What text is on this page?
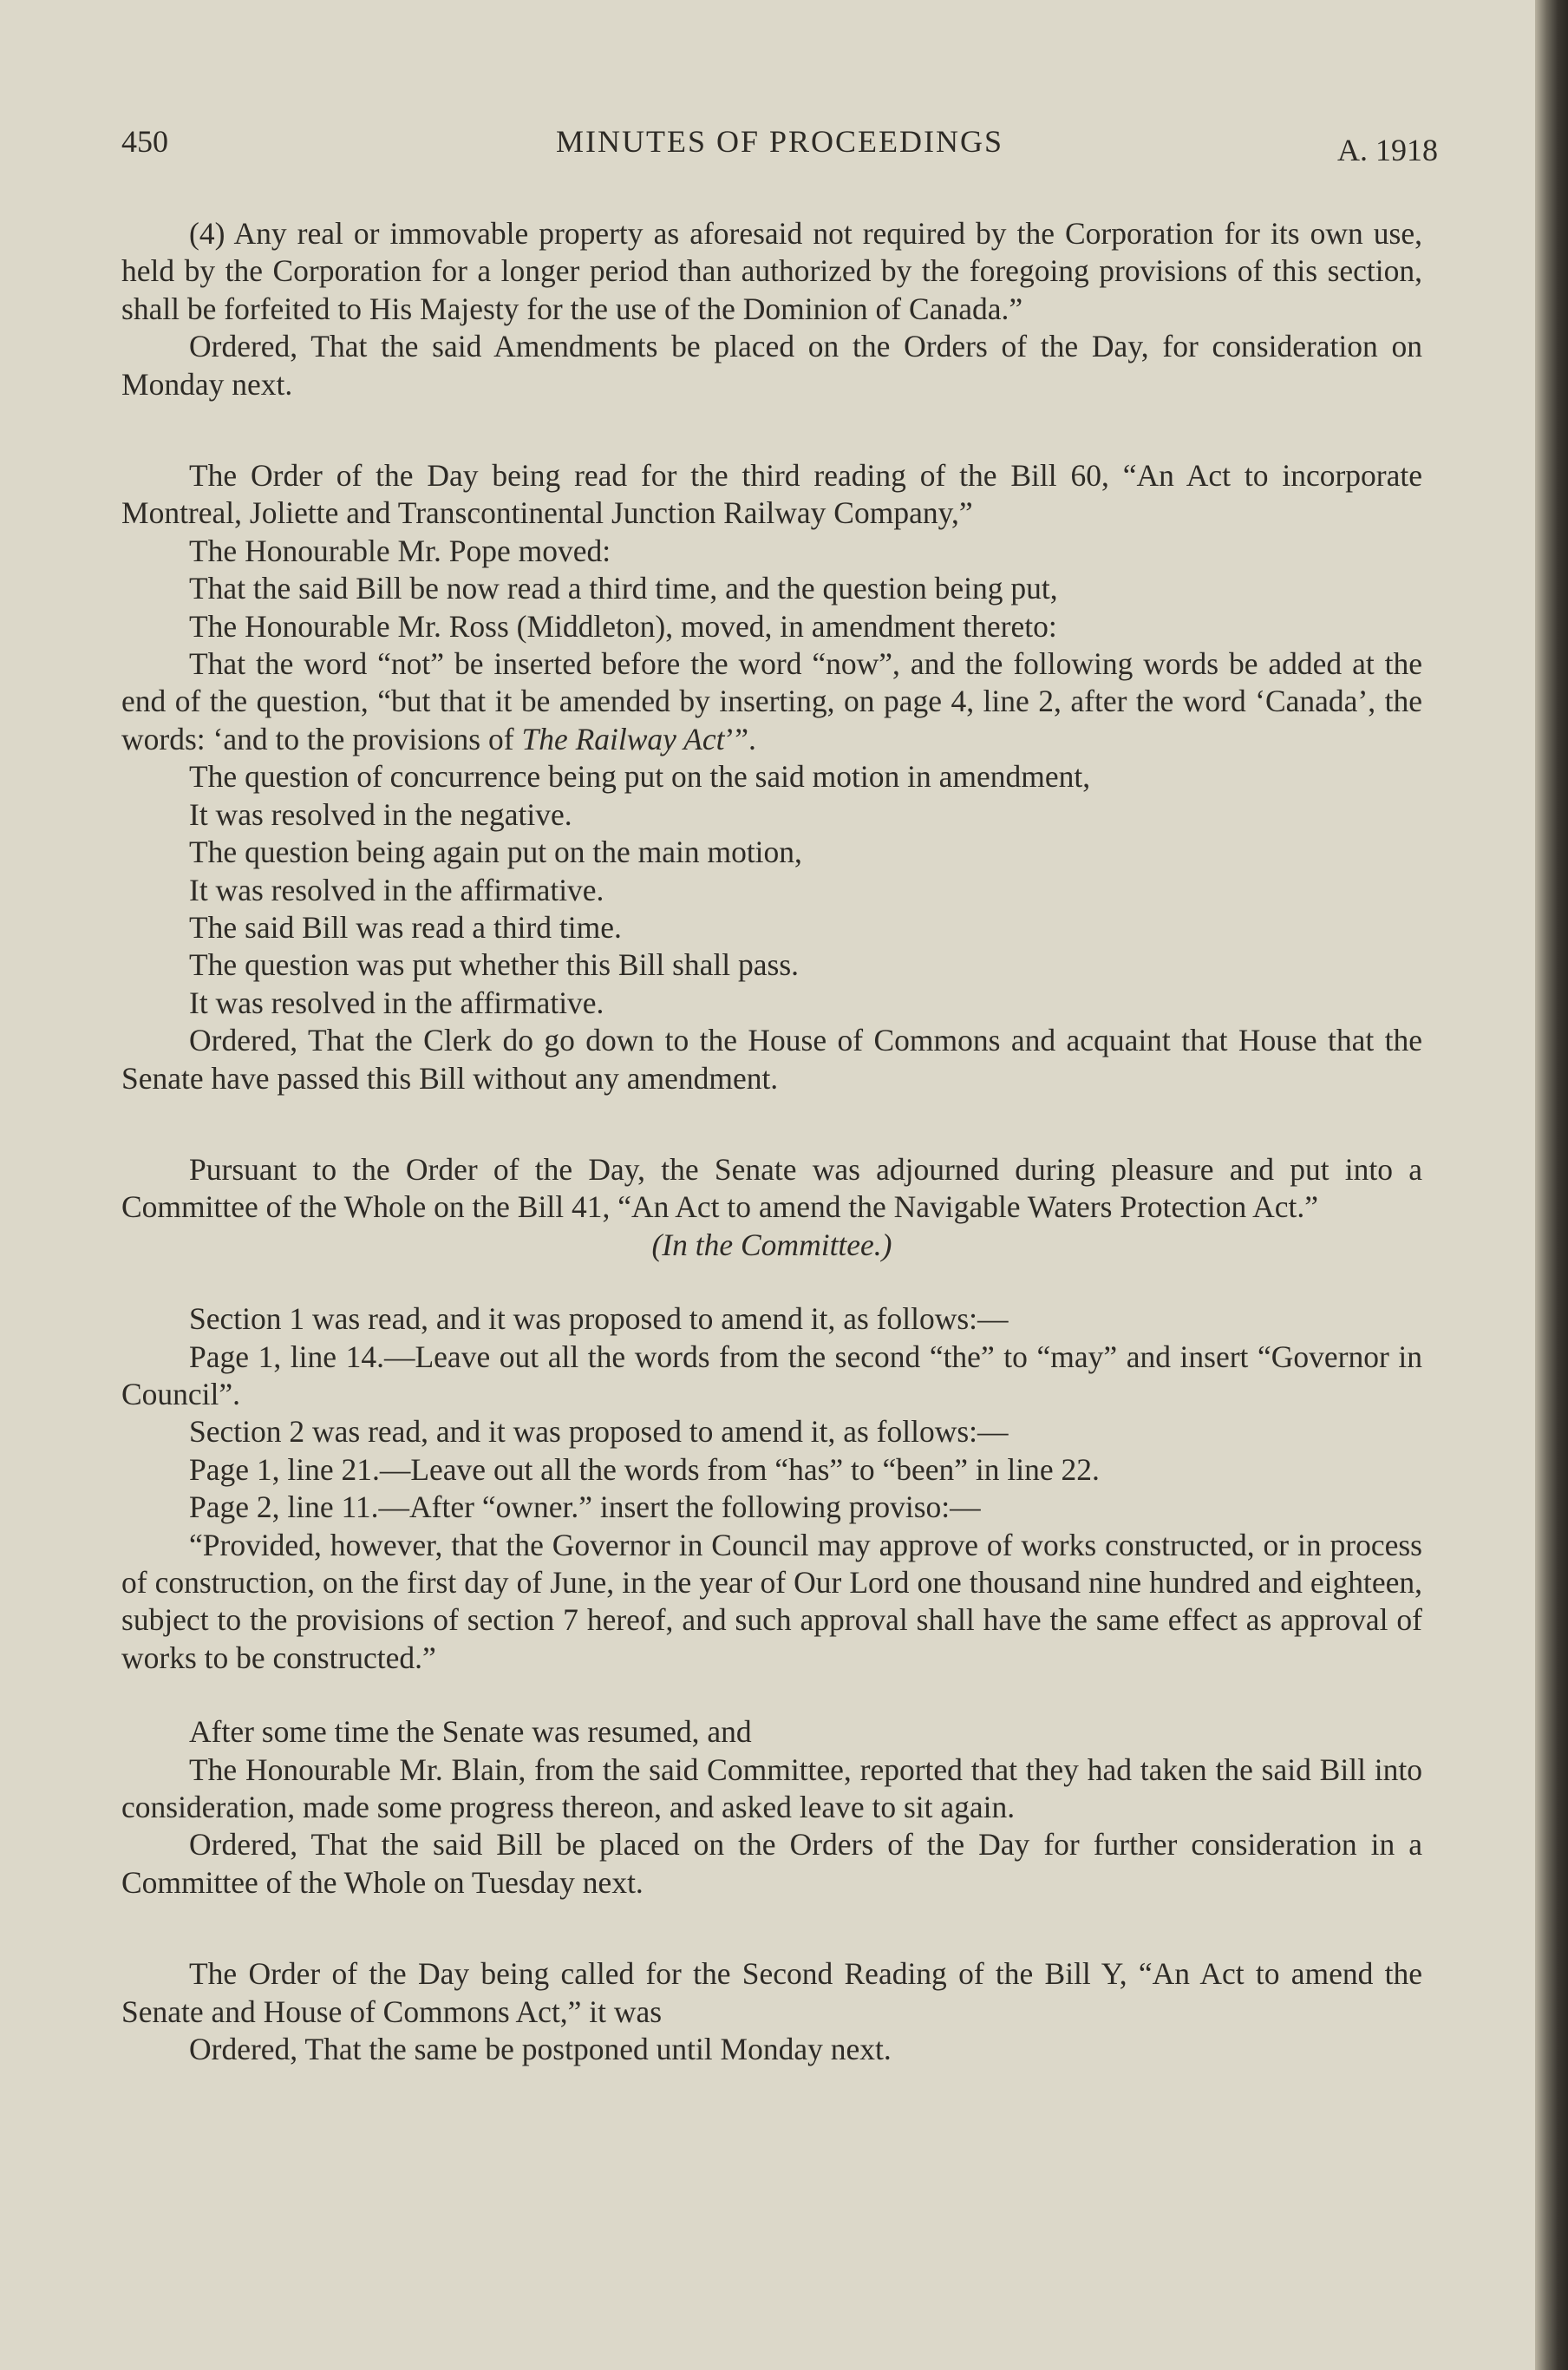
450	MINUTES OF PROCEEDINGS	A. 1918

(4) Any real or immovable property as aforesaid not required by the Corporation for its own use, held by the Corporation for a longer period than authorized by the foregoing provisions of this section, shall be forfeited to His Majesty for the use of the Dominion of Canada.”

Ordered, That the said Amendments be placed on the Orders of the Day, for consideration on Monday next.

The Order of the Day being read for the third reading of the Bill 60, “An Act to incorporate Montreal, Joliette and Transcontinental Junction Railway Company,”

The Honourable Mr. Pope moved:

That the said Bill be now read a third time, and the question being put,

The Honourable Mr. Ross (Middleton), moved, in amendment thereto:

That the word “not” be inserted before the word “now”, and the following words be added at the end of the question, “but that it be amended by inserting, on page 4, line 2, after the word ‘Canada’, the words: ‘and to the provisions of The Railway Act’”.

The question of concurrence being put on the said motion in amendment,

It was resolved in the negative.

The question being again put on the main motion,

It was resolved in the affirmative.

The said Bill was read a third time.

The question was put whether this Bill shall pass.

It was resolved in the affirmative.

Ordered, That the Clerk do go down to the House of Commons and acquaint that House that the Senate have passed this Bill without any amendment.

Pursuant to the Order of the Day, the Senate was adjourned during pleasure and put into a Committee of the Whole on the Bill 41, “An Act to amend the Navigable Waters Protection Act.”

(In the Committee.)

Section 1 was read, and it was proposed to amend it, as follows:—

Page 1, line 14.—Leave out all the words from the second “the” to “may” and insert “Governor in Council”.

Section 2 was read, and it was proposed to amend it, as follows:—

Page 1, line 21.—Leave out all the words from “has” to “been” in line 22.

Page 2, line 11.—After “owner.” insert the following proviso:—

“Provided, however, that the Governor in Council may approve of works constructed, or in process of construction, on the first day of June, in the year of Our Lord one thousand nine hundred and eighteen, subject to the provisions of section 7 hereof, and such approval shall have the same effect as approval of works to be constructed.”

After some time the Senate was resumed, and

The Honourable Mr. Blain, from the said Committee, reported that they had taken the said Bill into consideration, made some progress thereon, and asked leave to sit again.

Ordered, That the said Bill be placed on the Orders of the Day for further consideration in a Committee of the Whole on Tuesday next.

The Order of the Day being called for the Second Reading of the Bill Y, “An Act to amend the Senate and House of Commons Act,” it was

Ordered, That the same be postponed until Monday next.
